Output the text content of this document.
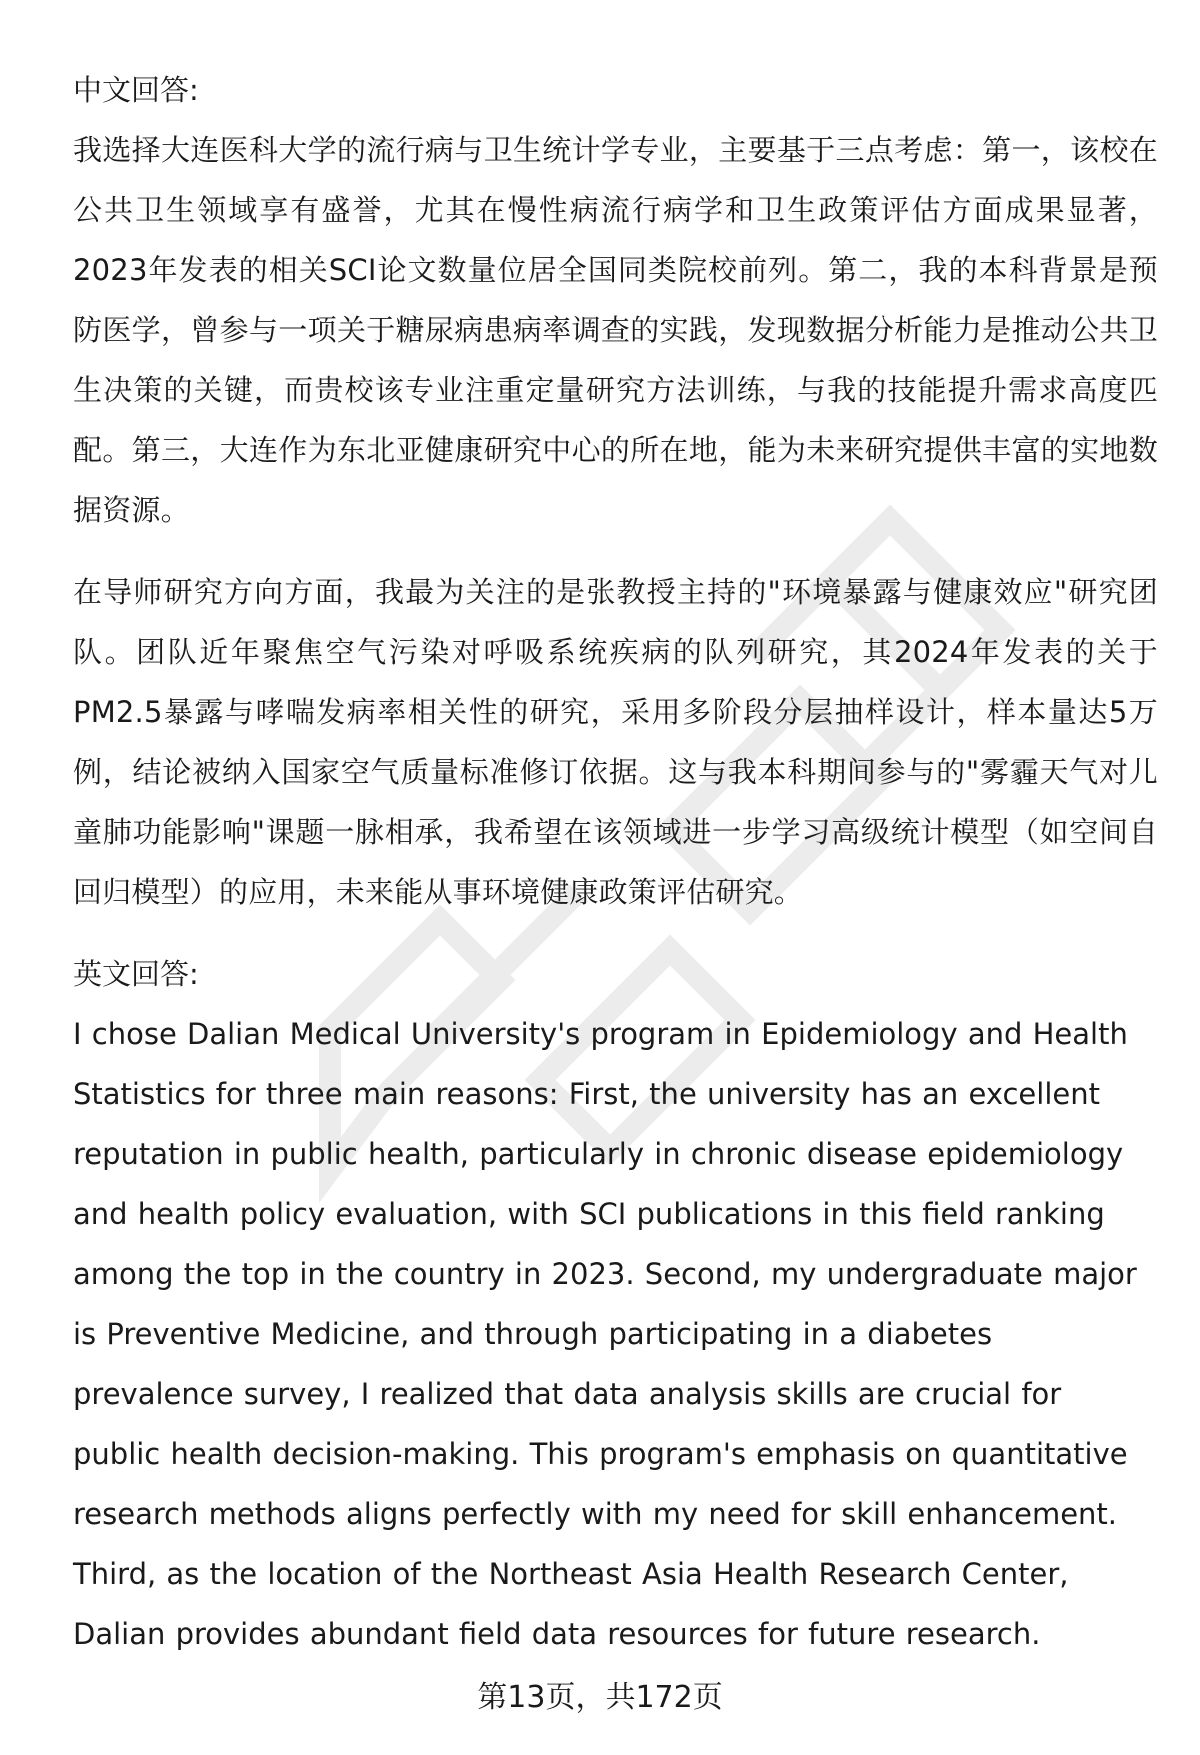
中文回答:

我选择大连医科大学的流行病与卫生统计学专业，主要基于三点考虑：第一，该校在公共卫生领域享有盛誉，尤其在慢性病流行病学和卫生政策评估方面成果显著，2023年发表的相关SCI论文数量位居全国同类院校前列。第二，我的本科背景是预防医学，曾参与一项关于糖尿病患病率调查的实践，发现数据分析能力是推动公共卫生决策的关键，而贵校该专业注重定量研究方法训练，与我的技能提升需求高度匹配。第三，大连作为东北亚健康研究中心的所在地，能为未来研究提供丰富的实地数据资源。

在导师研究方向方面，我最为关注的是张教授主持的"环境暴露与健康效应"研究团队。团队近年聚焦空气污染对呼吸系统疾病的队列研究，其2024年发表的关于PM2.5暴露与哮喘发病率相关性的研究，采用多阶段分层抽样设计，样本量达5万例，结论被纳入国家空气质量标准修订依据。这与我本科期间参与的"雾霾天气对儿童肺功能影响"课题一脉相承，我希望在该领域进一步学习高级统计模型（如空间自回归模型）的应用，未来能从事环境健康政策评估研究。

英文回答:

I chose Dalian Medical University's program in Epidemiology and Health Statistics for three main reasons: First, the university has an excellent reputation in public health, particularly in chronic disease epidemiology and health policy evaluation, with SCI publications in this field ranking among the top in the country in 2023. Second, my undergraduate major is Preventive Medicine, and through participating in a diabetes prevalence survey, I realized that data analysis skills are crucial for public health decision-making. This program's emphasis on quantitative research methods aligns perfectly with my need for skill enhancement. Third, as the location of the Northeast Asia Health Research Center, Dalian provides abundant field data resources for future research.

第13页，共172页
